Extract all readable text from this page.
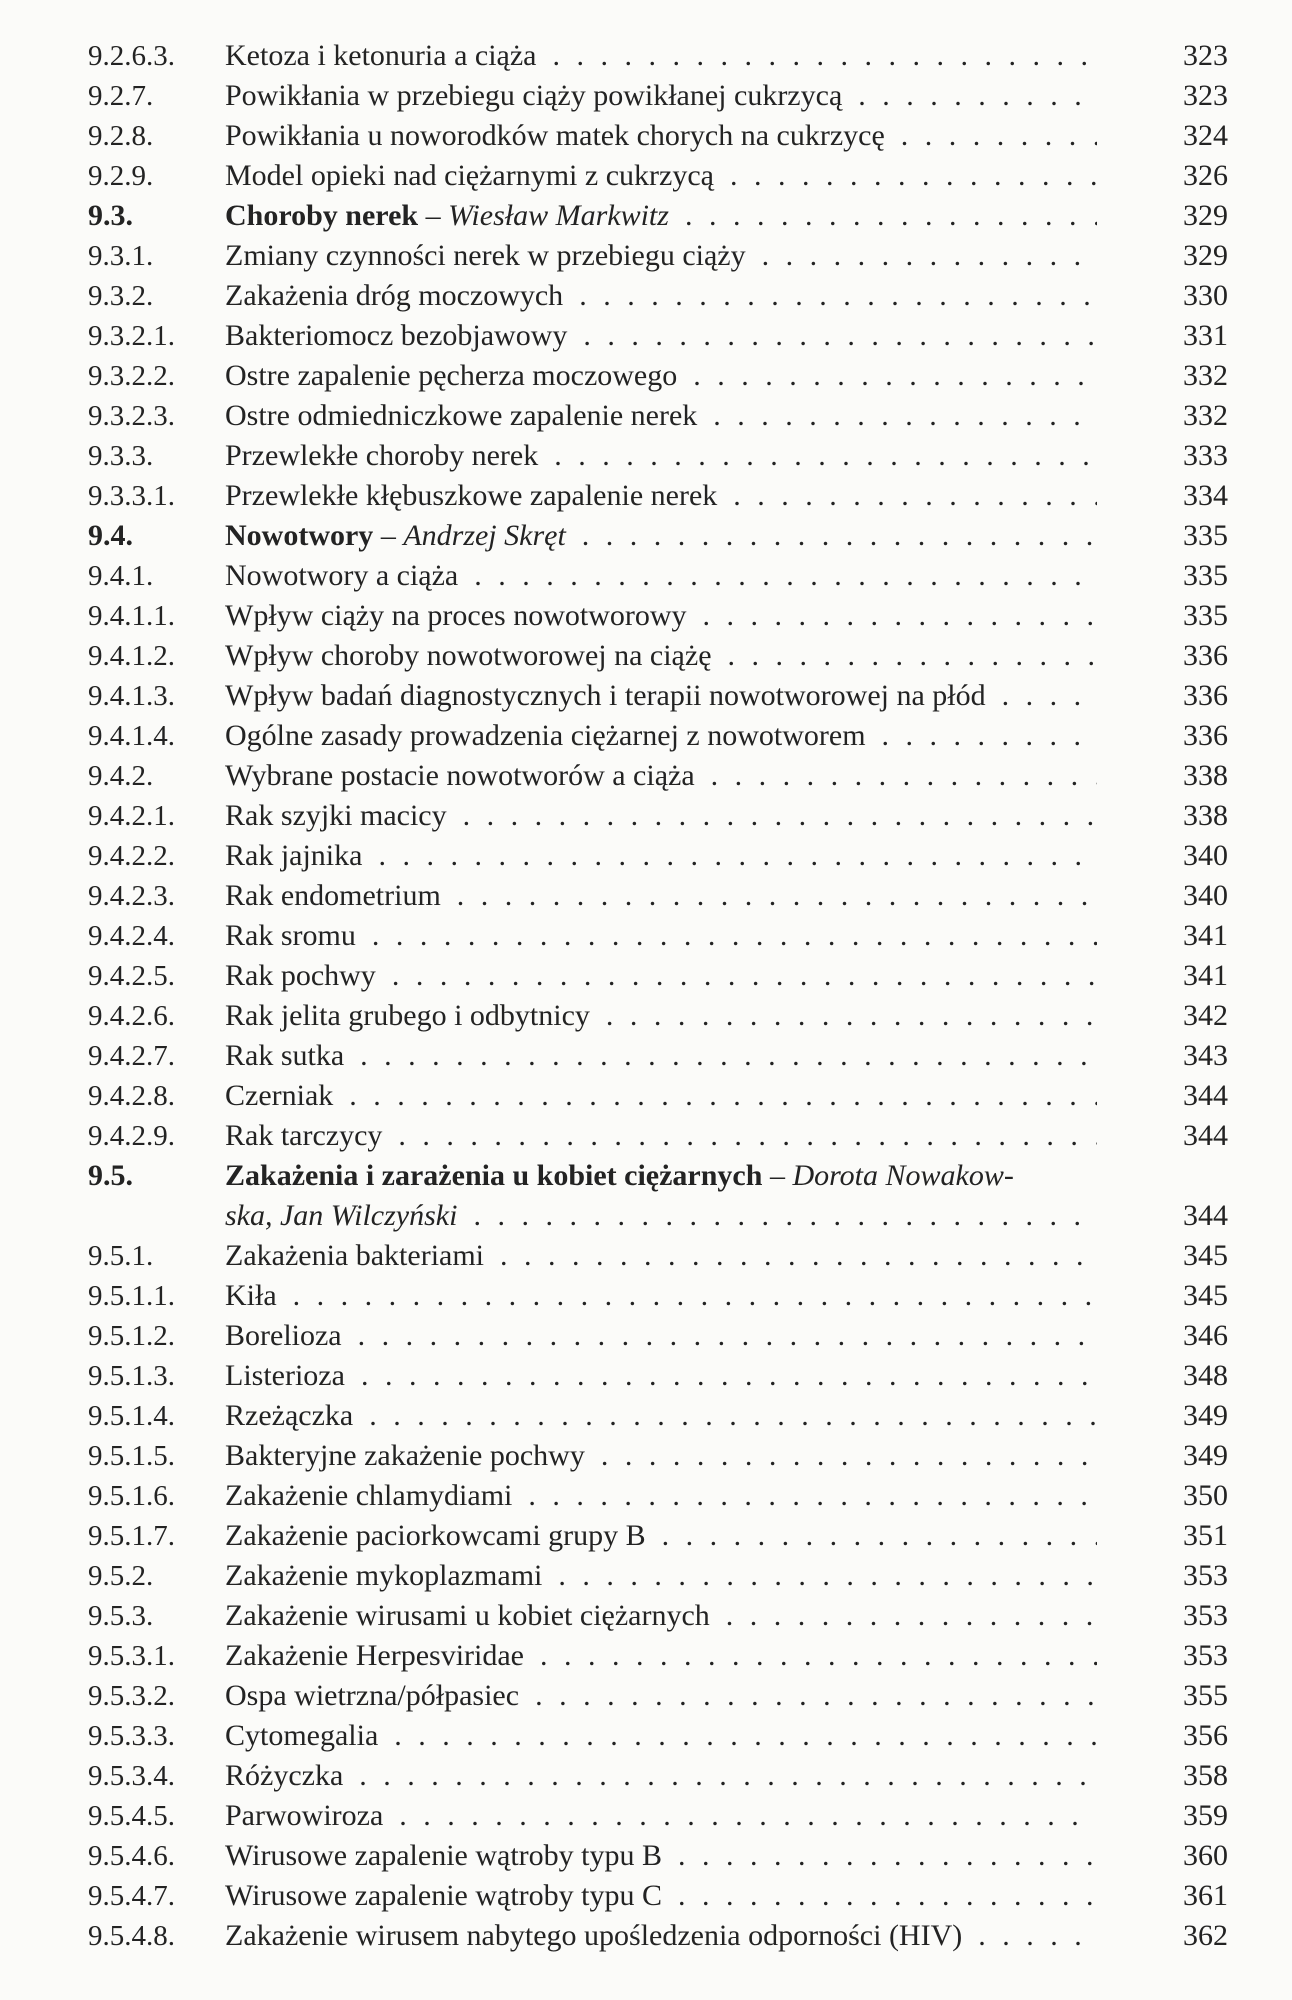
9.2.6.3.	Ketoza i ketonuria a ciąża . .	323
9.2.7.	Powikłania w przebiegu ciąży powikłanej cukrzycą . .	323
9.2.8.	Powikłania u noworodków matek chorych na cukrzycę . .	324
9.2.9.	Model opieki nad ciężarnymi z cukrzycą . .	326
9.3.	Choroby nerek – Wiesław Markwitz . .	329
9.3.1.	Zmiany czynności nerek w przebiegu ciąży . .	329
9.3.2.	Zakażenia dróg moczowych . .	330
9.3.2.1.	Bakteriomocz bezobjawowy . .	331
9.3.2.2.	Ostre zapalenie pęcherza moczowego . .	332
9.3.2.3.	Ostre odmiedniczkowe zapalenie nerek . .	332
9.3.3.	Przewlekłe choroby nerek . .	333
9.3.3.1.	Przewlekłe kłębuszkowe zapalenie nerek . .	334
9.4.	Nowotwory – Andrzej Skręt . .	335
9.4.1.	Nowotwory a ciąża . .	335
9.4.1.1.	Wpływ ciąży na proces nowotworowy . .	335
9.4.1.2.	Wpływ choroby nowotworowej na ciążę . .	336
9.4.1.3.	Wpływ badań diagnostycznych i terapii nowotworowej na płód . .	336
9.4.1.4.	Ogólne zasady prowadzenia ciężarnej z nowotworem . .	336
9.4.2.	Wybrane postacie nowotworów a ciąża . .	338
9.4.2.1.	Rak szyjki macicy . .	338
9.4.2.2.	Rak jajnika . .	340
9.4.2.3.	Rak endometrium . .	340
9.4.2.4.	Rak sromu . .	341
9.4.2.5.	Rak pochwy . .	341
9.4.2.6.	Rak jelita grubego i odbytnicy . .	342
9.4.2.7.	Rak sutka . .	343
9.4.2.8.	Czerniak . .	344
9.4.2.9.	Rak tarczycy . .	344
9.5.	Zakażenia i zarażenia u kobiet ciężarnych – Dorota Nowakow-
ska, Jan Wilczyński . .	344
9.5.1.	Zakażenia bakteriami . .	345
9.5.1.1.	Kiła . .	345
9.5.1.2.	Borelioza . .	346
9.5.1.3.	Listerioza . .	348
9.5.1.4.	Rzeżączka . .	349
9.5.1.5.	Bakteryjne zakażenie pochwy . .	349
9.5.1.6.	Zakażenie chlamydiami . .	350
9.5.1.7.	Zakażenie paciorkowcami grupy B . .	351
9.5.2.	Zakażenie mykoplazmami . .	353
9.5.3.	Zakażenie wirusami u kobiet ciężarnych . .	353
9.5.3.1.	Zakażenie Herpesviridae . .	353
9.5.3.2.	Ospa wietrzna/półpasiec . .	355
9.5.3.3.	Cytomegalia . .	356
9.5.3.4.	Różyczka . .	358
9.5.4.5.	Parwowiroza . .	359
9.5.4.6.	Wirusowe zapalenie wątroby typu B . .	360
9.5.4.7.	Wirusowe zapalenie wątroby typu C . .	361
9.5.4.8.	Zakażenie wirusem nabytego upośledzenia odporności (HIV) . .	362
